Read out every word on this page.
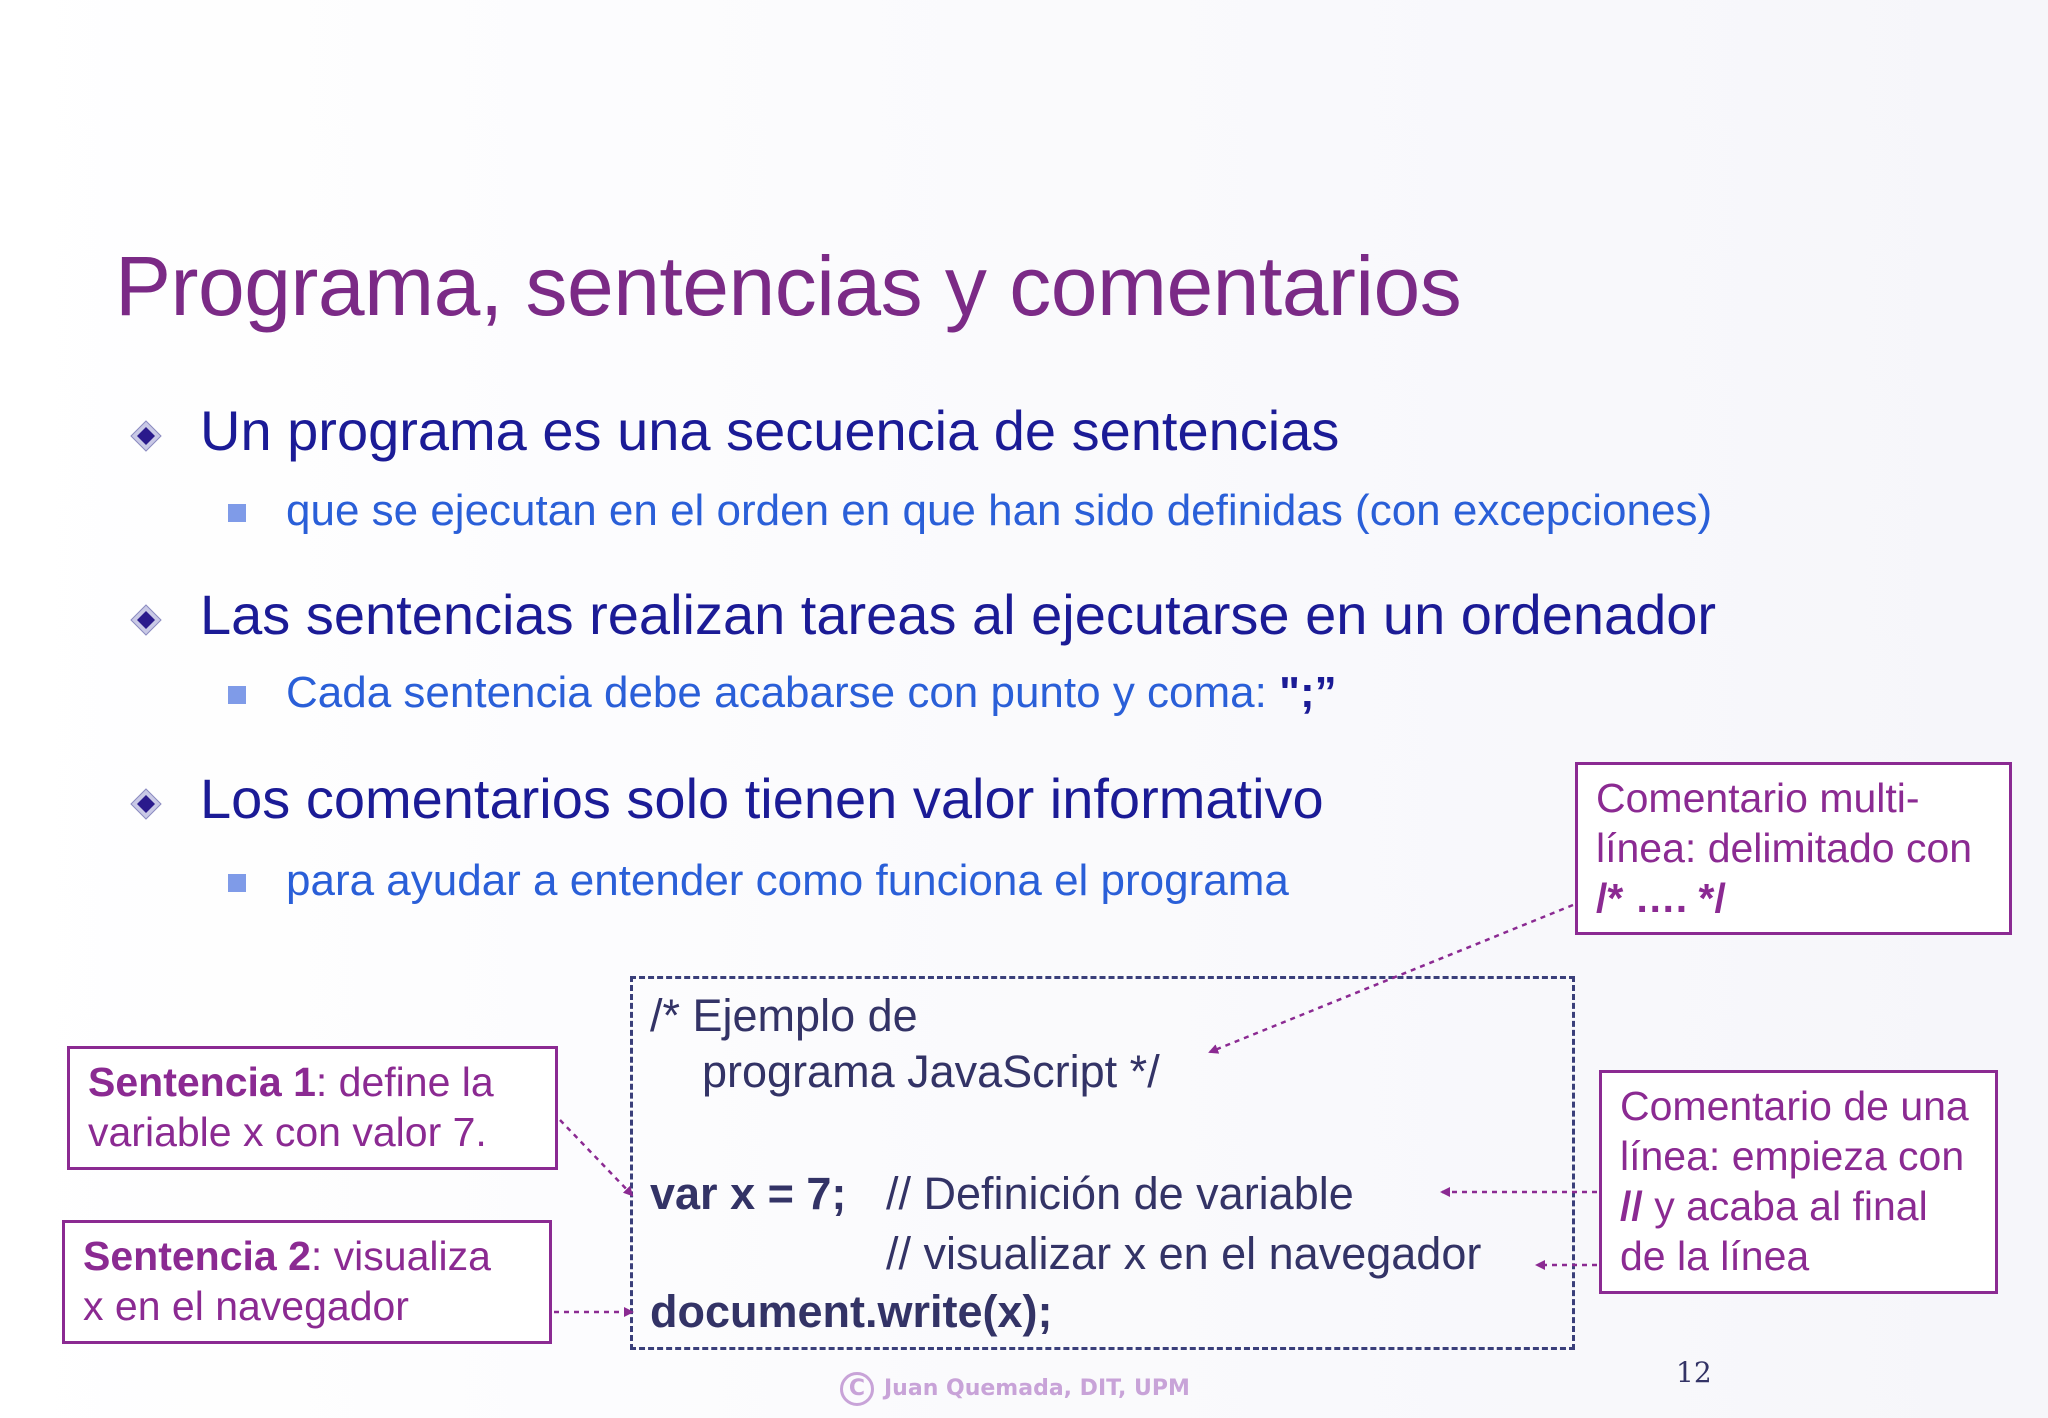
Programa, sentencias y comentarios
Un programa es una secuencia de sentencias
que se ejecutan en el orden en que han sido definidas (con excepciones)
Las sentencias realizan tareas al ejecutarse en un ordenador
Cada sentencia debe acabarse con punto y coma: ";”
Los comentarios solo tienen valor informativo
para ayudar a entender como funciona el programa
Comentario multi-
línea: delimitado con
/* …. */
/* Ejemplo de
programa JavaScript */
var x = 7; // Definición de variable
// visualizar x en el navegador
document.write(x);
Sentencia 1: define la
variable x con valor 7.
Sentencia 2: visualiza
x en el navegador
Comentario de una
línea: empieza con
// y acaba al final
de la línea
C Juan Quemada, DIT, UPM	12
